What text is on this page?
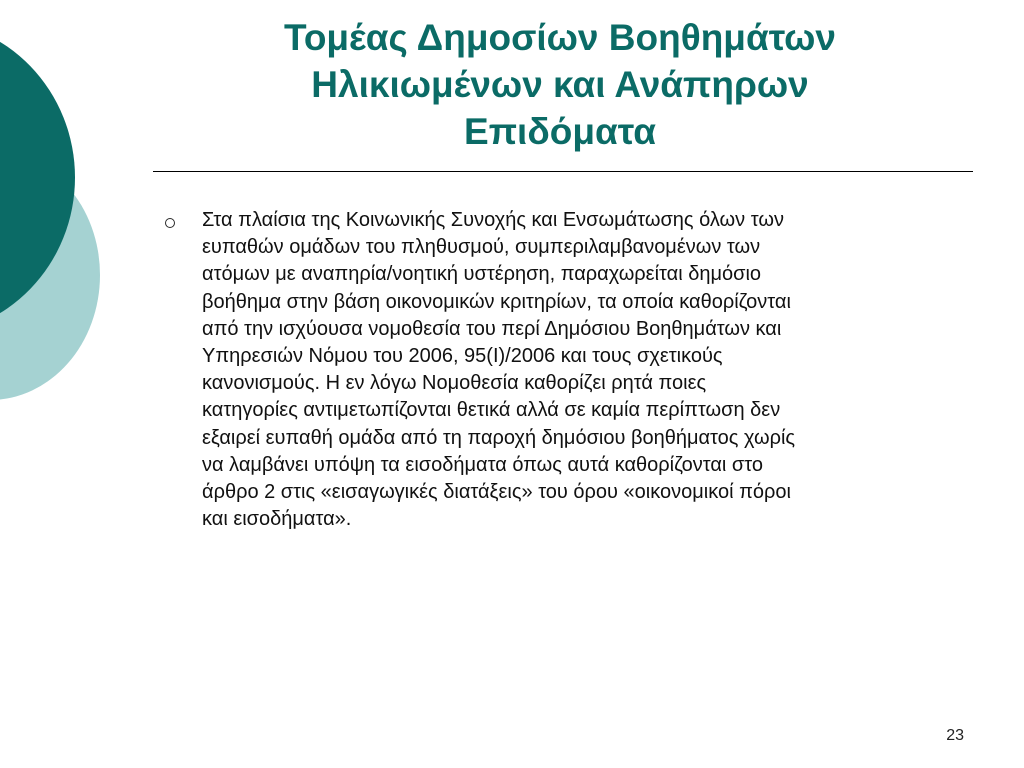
Τομέας Δημοσίων Βοηθημάτων
Ηλικιωμένων και Ανάπηρων
Επιδόματα
Στα πλαίσια της Κοινωνικής Συνοχής και Ενσωμάτωσης όλων των
ευπαθών ομάδων του πληθυσμού, συμπεριλαμβανομένων των
ατόμων με αναπηρία/νοητική υστέρηση, παραχωρείται δημόσιο
βοήθημα στην βάση οικονομικών κριτηρίων, τα οποία καθορίζονται
από την ισχύουσα νομοθεσία του περί Δημόσιου Βοηθημάτων και
Υπηρεσιών Νόμου του 2006, 95(Ι)/2006 και τους σχετικούς
κανονισμούς. Η εν λόγω Νομοθεσία καθορίζει ρητά ποιες
κατηγορίες αντιμετωπίζονται θετικά αλλά σε καμία περίπτωση δεν
εξαιρεί ευπαθή ομάδα από τη παροχή δημόσιου βοηθήματος χωρίς
να λαμβάνει υπόψη τα εισοδήματα όπως αυτά καθορίζονται στο
άρθρο 2 στις «εισαγωγικές διατάξεις» του όρου «οικονομικοί πόροι
και εισοδήματα».
23
